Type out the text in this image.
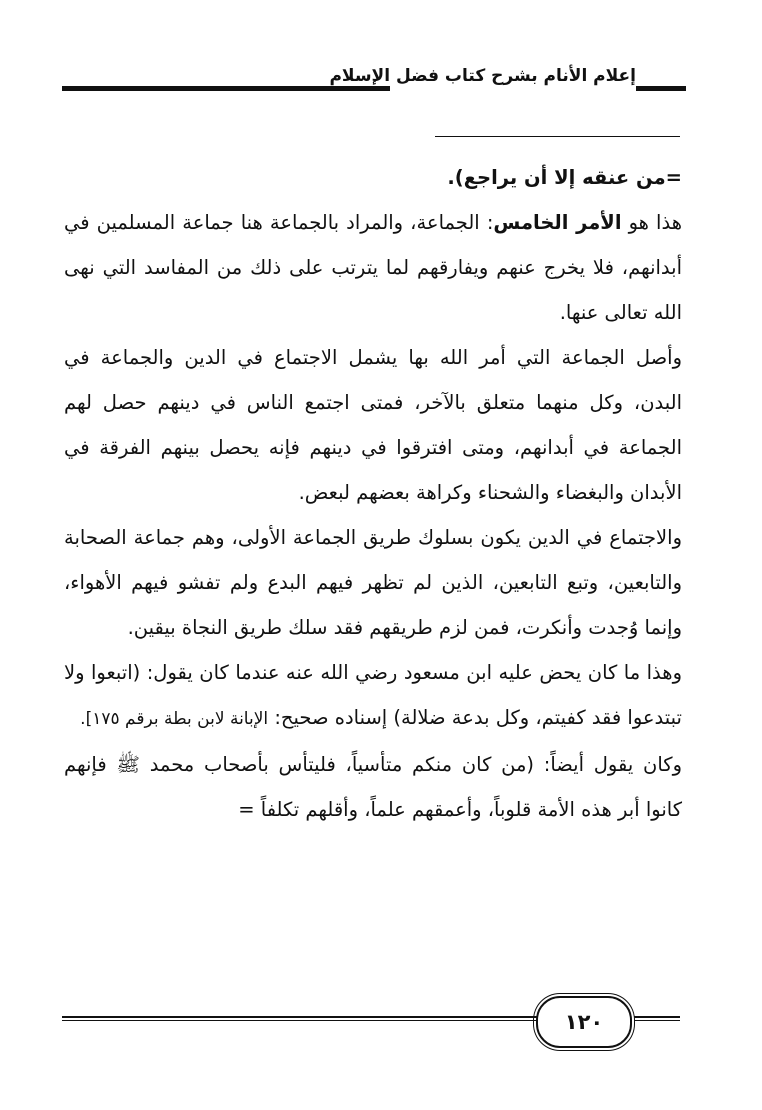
إعلام الأنام بشرح كتاب فضل الإسلام

=من عنقه إلا أن يراجع).

هذا هو الأمر الخامس: الجماعة، والمراد بالجماعة هنا جماعة المسلمين في أبدانهم، فلا يخرج عنهم ويفارقهم لما يترتب على ذلك من المفاسد التي نهى الله تعالى عنها.

وأصل الجماعة التي أمر الله بها يشمل الاجتماع في الدين والجماعة في البدن، وكل منهما متعلق بالآخر، فمتى اجتمع الناس في دينهم حصل لهم الجماعة في أبدانهم، ومتى افترقوا في دينهم فإنه يحصل بينهم الفرقة في الأبدان والبغضاء والشحناء وكراهة بعضهم لبعض.

والاجتماع في الدين يكون بسلوك طريق الجماعة الأولى، وهم جماعة الصحابة والتابعين، وتبع التابعين، الذين لم تظهر فيهم البدع ولم تفشو فيهم الأهواء، وإنما وُجدت وأنكرت، فمن لزم طريقهم فقد سلك طريق النجاة بيقين.

وهذا ما كان يحض عليه ابن مسعود رضي الله عنه عندما كان يقول: (اتبعوا ولا تبتدعوا فقد كفيتم، وكل بدعة ضلالة) إسناده صحيح: الإبانة لابن بطة برقم ١٧٥].

وكان يقول أيضاً: (من كان منكم متأسياً، فليتأس بأصحاب محمد ﷺ فإنهم كانوا أبر هذه الأمة قلوباً، وأعمقهم علماً، وأقلهم تكلفاً =

١٢٠
